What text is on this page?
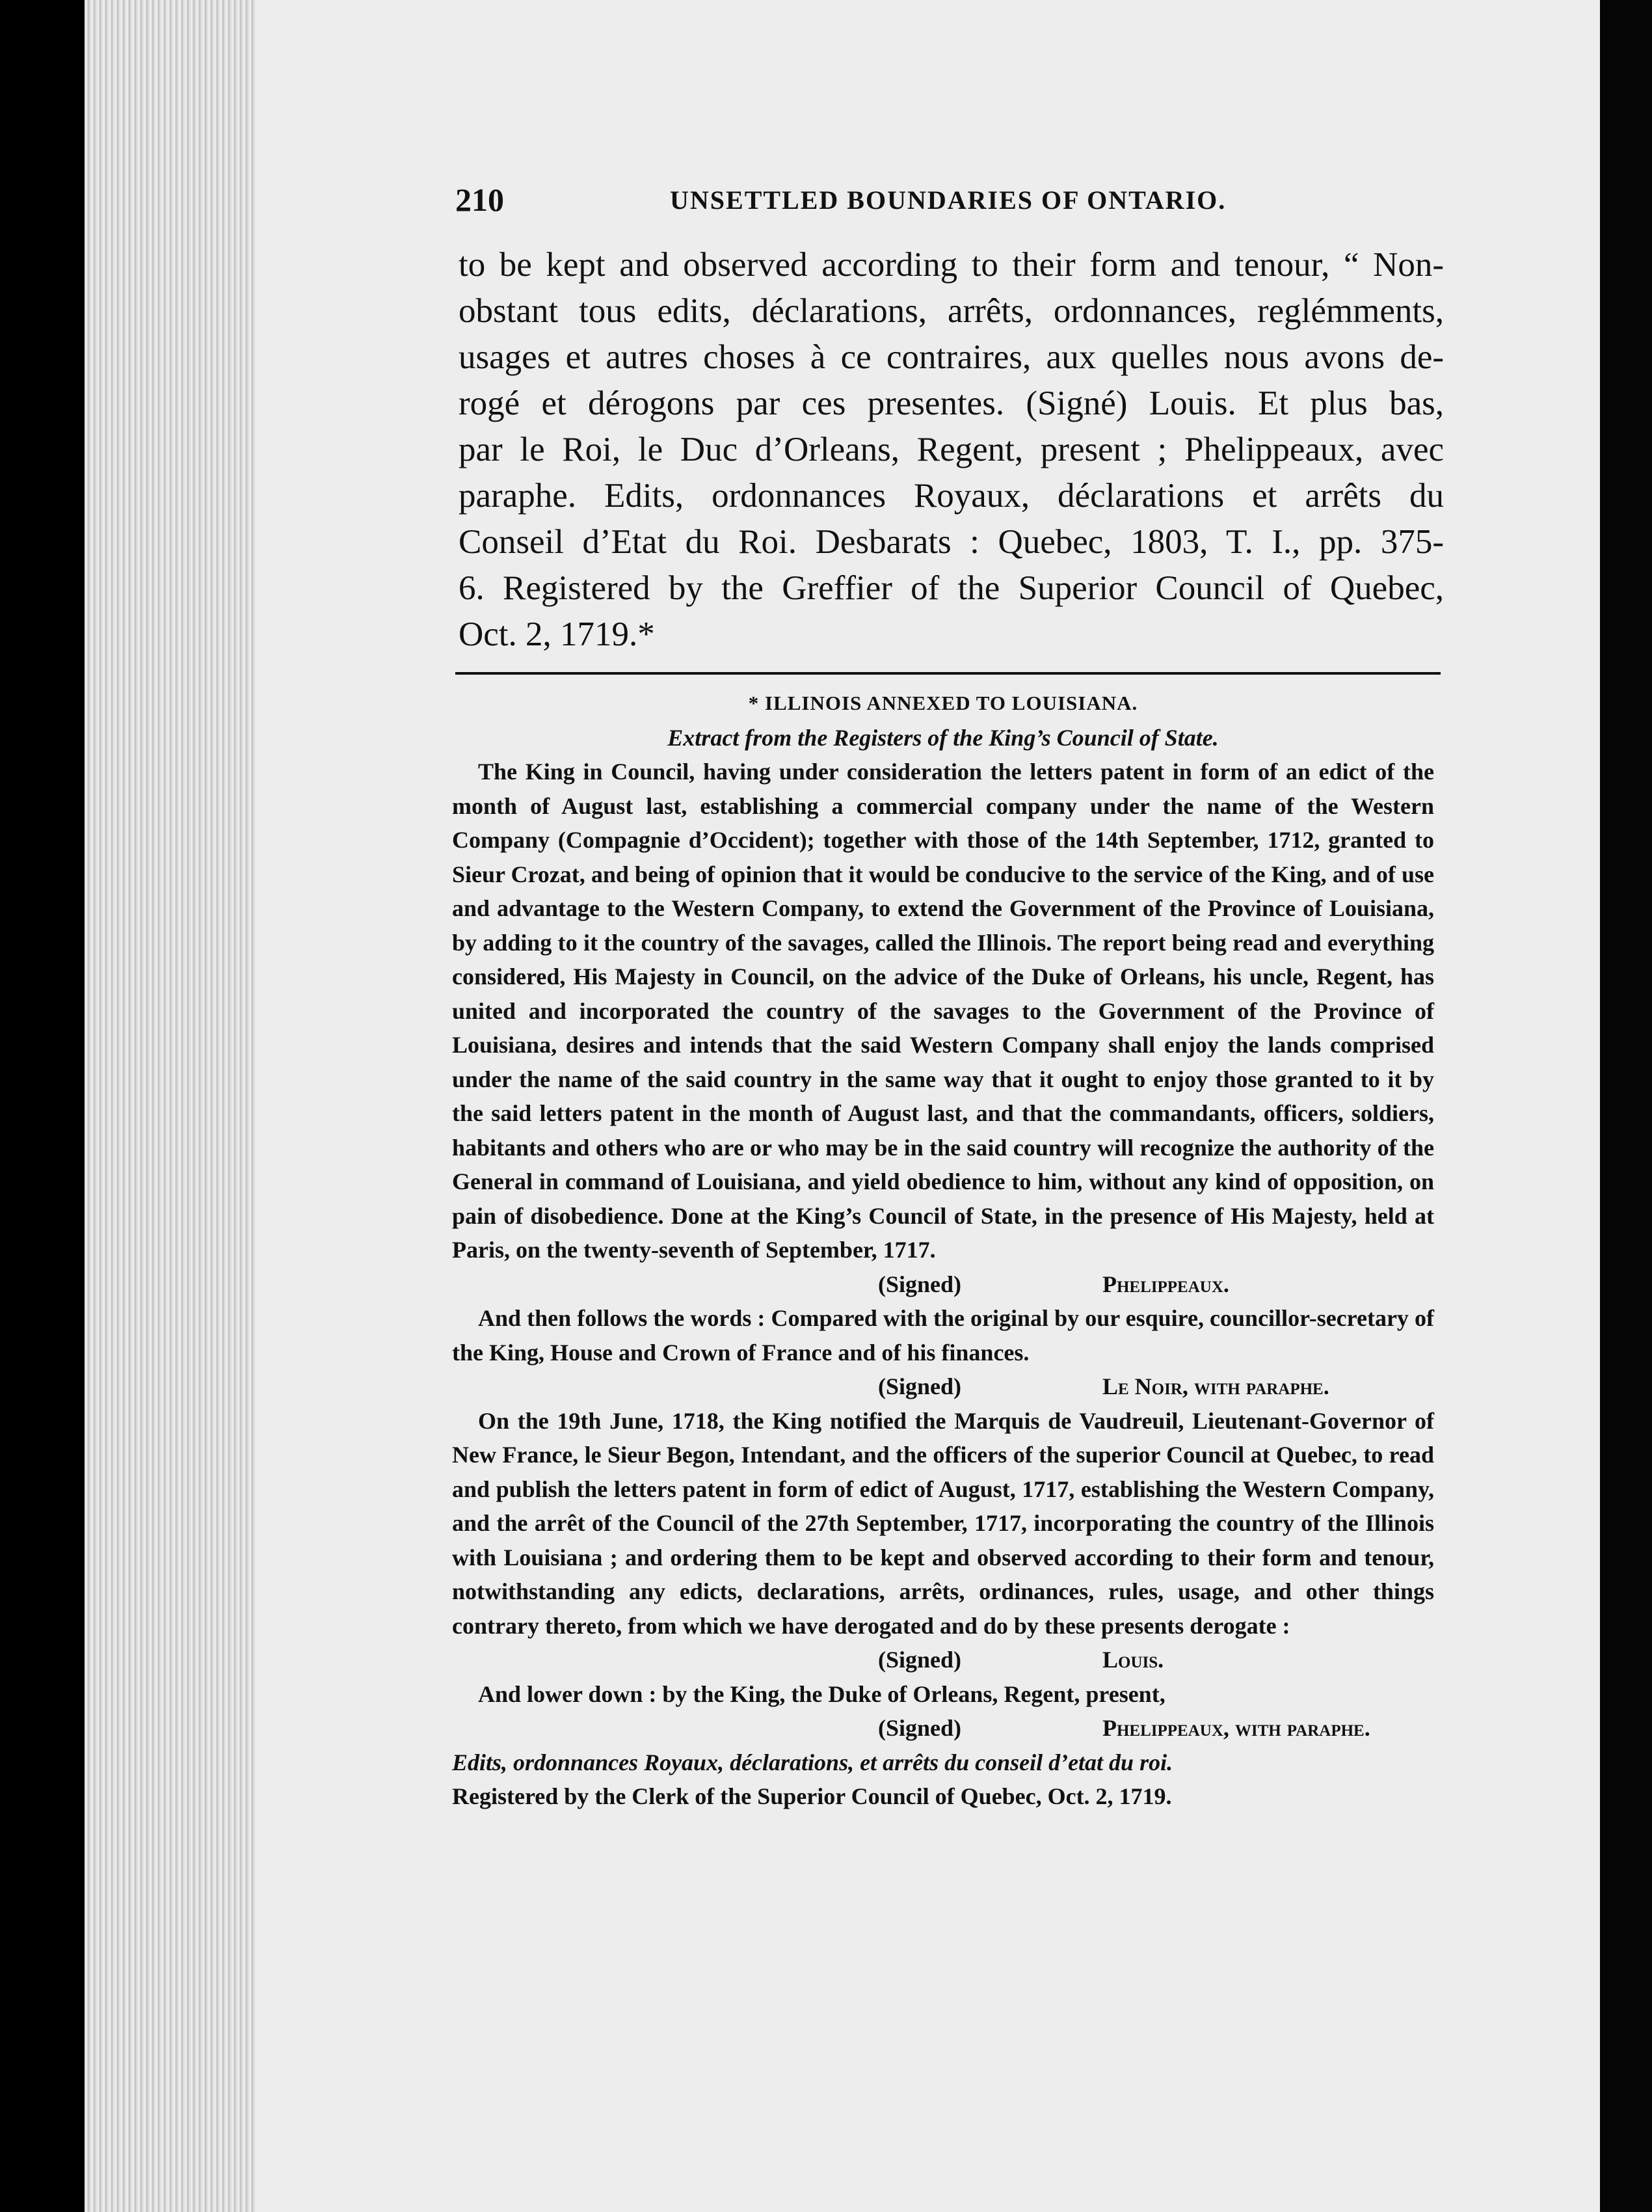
210	UNSETTLED BOUNDARIES OF ONTARIO.
to be kept and observed according to their form and tenour, “ Non-
obstant tous edits, déclarations, arrêts, ordonnances, reglémments,
usages et autres choses à ce contraires, aux quelles nous avons de-
rogé et dérogons par ces presentes. (Signé) Louis. Et plus bas,
par le Roi, le Duc d’Orleans, Regent, present ; Phelippeaux, avec
paraphe. Edits, ordonnances Royaux, déclarations et arrêts du
Conseil d’Etat du Roi. Desbarats : Quebec, 1803, T. I., pp. 375-
6. Registered by the Greffier of the Superior Council of Quebec,
Oct. 2, 1719.*
* ILLINOIS ANNEXED TO LOUISIANA.
Extract from the Registers of the King’s Council of State.
The King in Council, having under consideration the letters patent in form of an edict of the month of August last, establishing a commercial company under the name of the Western Company (Compagnie d’Occident); together with those of the 14th September, 1712, granted to Sieur Crozat, and being of opinion that it would be conducive to the service of the King, and of use and advantage to the Western Company, to extend the Government of the Province of Louisiana, by adding to it the country of the savages, called the Illinois. The report being read and everything considered, His Majesty in Council, on the advice of the Duke of Orleans, his uncle, Regent, has united and incorporated the country of the savages to the Government of the Province of Louisiana, desires and intends that the said Western Company shall enjoy the lands comprised under the name of the said country in the same way that it ought to enjoy those granted to it by the said letters patent in the month of August last, and that the commandants, officers, soldiers, habitants and others who are or who may be in the said country will recognize the authority of the General in command of Louisiana, and yield obedience to him, without any kind of opposition, on pain of disobedience. Done at the King’s Council of State, in the presence of His Majesty, held at Paris, on the twenty-seventh of September, 1717.
(Signed)	Phelippeaux.
And then follows the words : Compared with the original by our esquire, councillor-secretary of the King, House and Crown of France and of his finances.
(Signed)	Le Noir, with paraphe.
On the 19th June, 1718, the King notified the Marquis de Vaudreuil, Lieutenant-Governor of New France, le Sieur Begon, Intendant, and the officers of the superior Council at Quebec, to read and publish the letters patent in form of edict of August, 1717, establishing the Western Company, and the arrêt of the Council of the 27th September, 1717, incorporating the country of the Illinois with Louisiana ; and ordering them to be kept and observed according to their form and tenour, notwithstanding any edicts, declarations, arrêts, ordinances, rules, usage, and other things contrary thereto, from which we have derogated and do by these presents derogate :
(Signed)	Louis.
And lower down : by the King, the Duke of Orleans, Regent, present,
(Signed)	Phelippeaux, with paraphe.
Edits, ordonnances Royaux, déclarations, et arrêts du conseil d’etat du roi.
Registered by the Clerk of the Superior Council of Quebec, Oct. 2, 1719.
